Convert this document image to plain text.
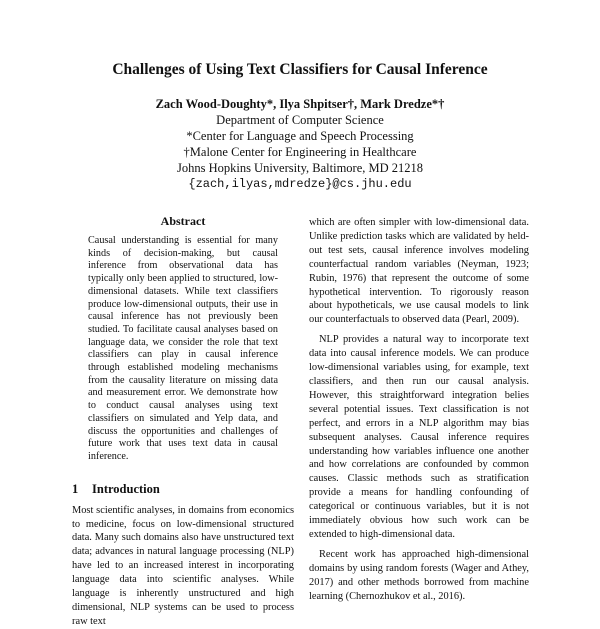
Challenges of Using Text Classifiers for Causal Inference
Zach Wood-Doughty*, Ilya Shpitser†, Mark Dredze*†
Department of Computer Science
*Center for Language and Speech Processing
†Malone Center for Engineering in Healthcare
Johns Hopkins University, Baltimore, MD 21218
{zach,ilyas,mdredze}@cs.jhu.edu
Abstract

Causal understanding is essential for many kinds of decision-making, but causal inference from observational data has typically only been applied to structured, low-dimensional datasets. While text classifiers produce low-dimensional outputs, their use in causal inference has not previously been studied. To facilitate causal analyses based on language data, we consider the role that text classifiers can play in causal inference through established modeling mechanisms from the causality literature on missing data and measurement error. We demonstrate how to conduct causal analyses using text classifiers on simulated and Yelp data, and discuss the opportunities and challenges of future work that uses text data in causal inference.

1 Introduction

Most scientific analyses, in domains from economics to medicine, focus on low-dimensional structured data. Many such domains also have unstructured text data; advances in natural language processing (NLP) have led to an increased interest in incorporating language data into scientific analyses. While language is inherently unstructured and high dimensional, NLP systems can be used to process raw text

which are often simpler with low-dimensional data. Unlike prediction tasks which are validated by held-out test sets, causal inference involves modeling counterfactual random variables (Neyman, 1923; Rubin, 1976) that represent the outcome of some hypothetical intervention. To rigorously reason about hypotheticals, we use causal models to link our counterfactuals to observed data (Pearl, 2009).

NLP provides a natural way to incorporate text data into causal inference models. We can produce low-dimensional variables using, for example, text classifiers, and then run our causal analysis. However, this straightforward integration belies several potential issues. Text classification is not perfect, and errors in a NLP algorithm may bias subsequent analyses. Causal inference requires understanding how variables influence one another and how correlations are confounded by common causes. Classic methods such as stratification provide a means for handling confounding of categorical or continuous variables, but it is not immediately obvious how such work can be extended to high-dimensional data.

Recent work has approached high-dimensional domains by using random forests (Wager and Athey, 2017) and other methods borrowed from machine learning (Chernozhukov et al., 2016).
